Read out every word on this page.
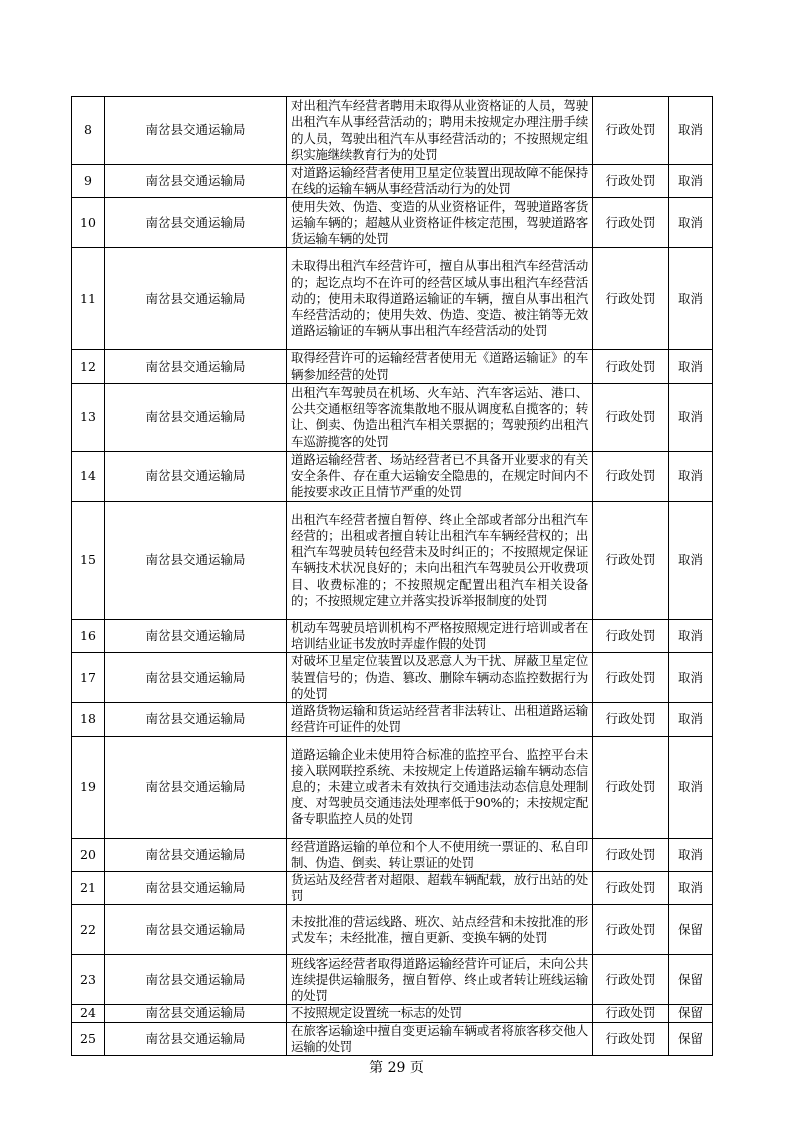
8	南岔县交通运输局	对出租汽车经营者聘用未取得从业资格证的人员，驾驶出租汽车从事经营活动的；聘用未按规定办理注册手续的人员，驾驶出租汽车从事经营活动的；不按照规定组织实施继续教育行为的处罚	行政处罚	取消
9	南岔县交通运输局	对道路运输经营者使用卫星定位装置出现故障不能保持在线的运输车辆从事经营活动行为的处罚	行政处罚	取消
10	南岔县交通运输局	使用失效、伪造、变造的从业资格证件，驾驶道路客货运输车辆的；超越从业资格证件核定范围，驾驶道路客货运输车辆的处罚	行政处罚	取消
11	南岔县交通运输局	未取得出租汽车经营许可，擅自从事出租汽车经营活动的；起讫点均不在许可的经营区域从事出租汽车经营活动的；使用未取得道路运输证的车辆，擅自从事出租汽车经营活动的；使用失效、伪造、变造、被注销等无效道路运输证的车辆从事出租汽车经营活动的处罚	行政处罚	取消
12	南岔县交通运输局	取得经营许可的运输经营者使用无《道路运输证》的车辆参加经营的处罚	行政处罚	取消
13	南岔县交通运输局	出租汽车驾驶员在机场、火车站、汽车客运站、港口、公共交通枢纽等客流集散地不服从调度私自揽客的；转让、倒卖、伪造出租汽车相关票据的；驾驶预约出租汽车巡游揽客的处罚	行政处罚	取消
14	南岔县交通运输局	道路运输经营者、场站经营者已不具备开业要求的有关安全条件、存在重大运输安全隐患的，在规定时间内不能按要求改正且情节严重的处罚	行政处罚	取消
15	南岔县交通运输局	出租汽车经营者擅自暂停、终止全部或者部分出租汽车经营的；出租或者擅自转让出租汽车车辆经营权的；出租汽车驾驶员转包经营未及时纠正的；不按照规定保证车辆技术状况良好的；未向出租汽车驾驶员公开收费项目、收费标准的；不按照规定配置出租汽车相关设备的；不按照规定建立并落实投诉举报制度的处罚	行政处罚	取消
16	南岔县交通运输局	机动车驾驶员培训机构不严格按照规定进行培训或者在培训结业证书发放时弄虚作假的处罚	行政处罚	取消
17	南岔县交通运输局	对破坏卫星定位装置以及恶意人为干扰、屏蔽卫星定位装置信号的；伪造、篡改、删除车辆动态监控数据行为的处罚	行政处罚	取消
18	南岔县交通运输局	道路货物运输和货运站经营者非法转让、出租道路运输经营许可证件的处罚	行政处罚	取消
19	南岔县交通运输局	道路运输企业未使用符合标准的监控平台、监控平台未接入联网联控系统、未按规定上传道路运输车辆动态信息的；未建立或者未有效执行交通违法动态信息处理制度、对驾驶员交通违法处理率低于90%的；未按规定配备专职监控人员的处罚	行政处罚	取消
20	南岔县交通运输局	经营道路运输的单位和个人不使用统一票证的、私自印制、伪造、倒卖、转让票证的处罚	行政处罚	取消
21	南岔县交通运输局	货运站及经营者对超限、超载车辆配载，放行出站的处罚	行政处罚	取消
22	南岔县交通运输局	未按批准的营运线路、班次、站点经营和未按批准的形式发车；未经批准，擅自更新、变换车辆的处罚	行政处罚	保留
23	南岔县交通运输局	班线客运经营者取得道路运输经营许可证后，未向公共连续提供运输服务，擅自暂停、终止或者转让班线运输的处罚	行政处罚	保留
24	南岔县交通运输局	不按照规定设置统一标志的处罚	行政处罚	保留
25	南岔县交通运输局	在旅客运输途中擅自变更运输车辆或者将旅客移交他人运输的处罚	行政处罚	保留
第 29 页
